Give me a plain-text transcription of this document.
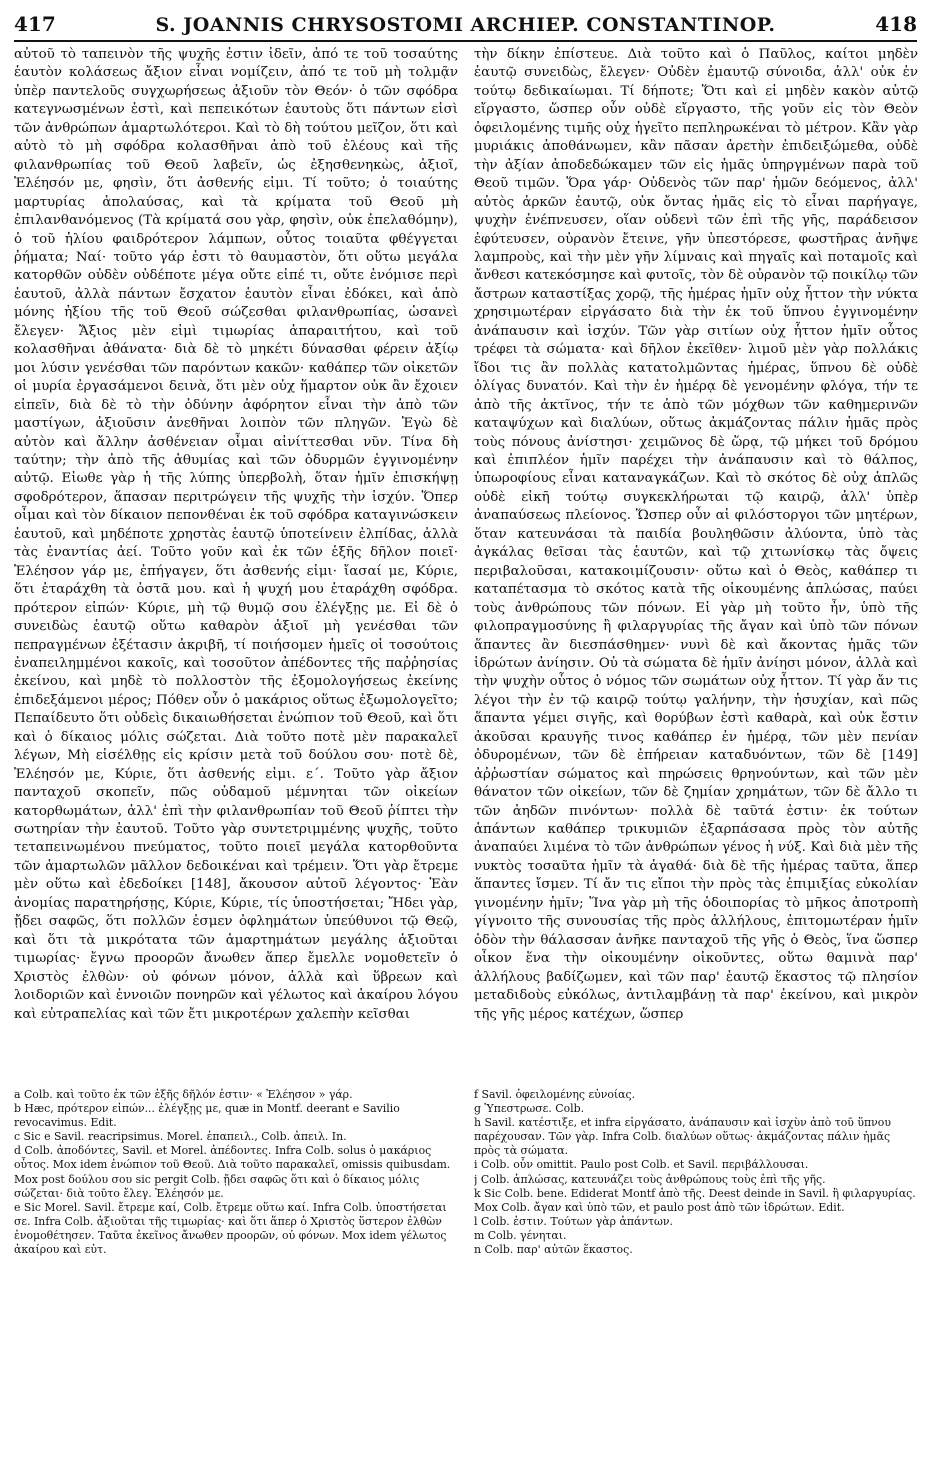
417	S. JOANNIS CHRYSOSTOMI ARCHIEP. CONSTANTINOP.	418

αὐτοῦ τὸ ταπεινὸν τῆς ψυχῆς ἐστιν ἰδεῖν, ἀπό τε τοῦ τοσαύτης ἑαυτὸν κολάσεως ἄξιον εἶναι νομίζειν, ἀπό τε τοῦ μὴ τολμᾷν ὑπὲρ παντελοῦς συγχωρήσεως ἀξιοῦν τὸν Θεόν· ὁ τῶν σφόδρα κατεγνωσμένων ἐστὶ, καὶ πεπεικότων ἑαυτοὺς ὅτι πάντων εἰσὶ τῶν ἀνθρώπων ἁμαρτωλότεροι. Καὶ τὸ δὴ τούτου μεῖζον, ὅτι καὶ αὐτὸ τὸ μὴ σφόδρα κολασθῆναι ἀπὸ τοῦ ἐλέους καὶ τῆς φιλανθρωπίας τοῦ Θεοῦ λαβεῖν, ὡς ἐξησθενηκὼς, ἀξιοῖ, Ἐλέησόν με, φησὶν, ὅτι ἀσθενής εἰμι. Τί τοῦτο; ὁ τοιαύτης μαρτυρίας ἀπολαύσας, καὶ τὰ κρίματα τοῦ Θεοῦ μὴ ἐπιλανθανόμενος (Τὰ κρίματά σου γὰρ, φησὶν, οὐκ ἐπελαθόμην), ὁ τοῦ ἡλίου φαιδρότερον λάμπων, οὗτος τοιαῦτα φθέγγεται ῥήματα; Ναί· τοῦτο γάρ ἐστι τὸ θαυμαστὸν, ὅτι οὕτω μεγάλα κατορθῶν οὐδὲν οὐδέποτε μέγα οὔτε εἰπέ τι, οὔτε ἐνόμισε περὶ ἑαυτοῦ, ἀλλὰ πάντων ἔσχατον ἑαυτὸν εἶναι ἐδόκει, καὶ ἀπὸ μόνης ἠξίου τῆς τοῦ Θεοῦ σώζεσθαι φιλανθρωπίας, ὡσανεὶ ἔλεγεν· Ἄξιος μὲν εἰμὶ τιμωρίας ἀπαραιτήτου, καὶ τοῦ κολασθῆναι ἀθάνατα· διὰ δὲ τὸ μηκέτι δύνασθαι φέρειν ἀξίῳ μοι λύσιν γενέσθαι τῶν παρόντων κακῶν· καθάπερ τῶν οἰκετῶν οἱ μυρία ἐργασάμενοι δεινὰ, ὅτι μὲν οὐχ ἥμαρτον οὐκ ἂν ἔχοιεν εἰπεῖν, διὰ δὲ τὸ τὴν ὀδύνην ἀφόρητον εἶναι τὴν ἀπὸ τῶν μαστίγων, ἀξιοῦσιν ἀνεθῆναι λοιπὸν τῶν πληγῶν. Ἐγὼ δὲ αὐτὸν καὶ ἄλλην ἀσθένειαν οἶμαι αἰνίττεσθαι νῦν. Τίνα δὴ ταύτην; τὴν ἀπὸ τῆς ἀθυμίας καὶ τῶν ὀδυρμῶν ἐγγινομένην αὐτῷ. Εἰωθε γὰρ ἡ τῆς λύπης ὑπερβολὴ, ὅταν ἡμῖν ἐπισκήψῃ σφοδρότερον, ἅπασαν περιτρώγειν τῆς ψυχῆς τὴν ἰσχύν. Ὅπερ οἶμαι καὶ τὸν δίκαιον πεπονθέναι ἐκ τοῦ σφόδρα καταγινώσκειν ἑαυτοῦ, καὶ μηδέποτε χρηστὰς ἑαυτῷ ὑποτείνειν ἐλπίδας, ἀλλὰ τὰς ἐναντίας ἀεί. Τοῦτο γοῦν καὶ ἐκ τῶν ἑξῆς δῆλον ποιεῖ· Ἐλέησον γάρ με, ἐπήγαγεν, ὅτι ἀσθενής εἰμι· ἴασαί με, Κύριε, ὅτι ἐταράχθη τὰ ὀστᾶ μου. καὶ ἡ ψυχή μου ἐταράχθη σφόδρα. πρότερον εἰπών· Κύριε, μὴ τῷ θυμῷ σου ἐλέγξῃς με. Εἰ δὲ ὁ συνειδὼς ἑαυτῷ οὕτω καθαρὸν ἀξιοῖ μὴ γενέσθαι τῶν πεπραγμένων ἐξέτασιν ἀκριβῆ, τί ποιήσομεν ἡμεῖς οἱ τοσούτοις ἐναπειλημμένοι κακοῖς, καὶ τοσοῦτον ἀπέδοντες τῆς παῤῥησίας ἐκείνου, καὶ μηδὲ τὸ πολλοστὸν τῆς ἐξομολογήσεως ἐκείνης ἐπιδεξάμενοι μέρος; Πόθεν οὖν ὁ μακάριος οὕτως ἐξωμολογεῖτο; Πεπαίδευτο ὅτι οὐδεὶς δικαιωθήσεται ἐνώπιον τοῦ Θεοῦ, καὶ ὅτι καὶ ὁ δίκαιος μόλις σώζεται. Διὰ τοῦτο ποτὲ μὲν παρακαλεῖ λέγων, Μὴ εἰσέλθῃς εἰς κρίσιν μετὰ τοῦ δούλου σου· ποτὲ δὲ, Ἐλέησόν με, Κύριε, ὅτι ἀσθενής εἰμι. ε΄. Τοῦτο γὰρ ἄξιον πανταχοῦ σκοπεῖν, πῶς οὐδαμοῦ μέμνηται τῶν οἰκείων κατορθωμάτων, ἀλλ' ἐπὶ τὴν φιλανθρωπίαν τοῦ Θεοῦ ῥίπτει τὴν σωτηρίαν τὴν ἑαυτοῦ. Τοῦτο γὰρ συντετριμμένης ψυχῆς, τοῦτο τεταπεινωμένου πνεύματος, τοῦτο ποιεῖ μεγάλα κατορθοῦντα τῶν ἁμαρτωλῶν μᾶλλον δεδοικέναι καὶ τρέμειν. Ὅτι γὰρ ἔτρεμε μὲν οὕτω καὶ ἐδεδοίκει [148], ἄκουσον αὐτοῦ λέγοντος· Ἐὰν ἀνομίας παρατηρήσῃς, Κύριε, Κύριε, τίς ὑποστήσεται; Ἤδει γὰρ, ᾔδει σαφῶς, ὅτι πολλῶν ἐσμεν ὀφλημάτων ὑπεύθυνοι τῷ Θεῷ, καὶ ὅτι τὰ μικρότατα τῶν ἁμαρτημάτων μεγάλης ἀξιοῦται τιμωρίας· ἔγνω προορῶν ἄνωθεν ἅπερ ἔμελλε νομοθετεῖν ὁ Χριστὸς ἐλθὼν· οὐ φόνων μόνον, ἀλλὰ καὶ ὕβρεων καὶ λοιδοριῶν καὶ ἐννοιῶν πονηρῶν καὶ γέλωτος καὶ ἀκαίρου λόγου καὶ εὐτραπελίας καὶ τῶν ἔτι μικροτέρων χαλεπὴν κεῖσθαι

τὴν δίκην ἐπίστευε. Διὰ τοῦτο καὶ ὁ Παῦλος, καίτοι μηδὲν ἑαυτῷ συνειδὼς, ἔλεγεν· Οὐδὲν ἐμαυτῷ σύνοιδα, ἀλλ' οὐκ ἐν τούτῳ δεδικαίωμαι. Τί δήποτε; Ὅτι καὶ εἰ μηδὲν κακὸν αὐτῷ εἴργαστο, ὥσπερ οὖν οὐδὲ εἴργαστο, τῆς γοῦν εἰς τὸν Θεὸν ὀφειλομένης τιμῆς οὐχ ἡγεῖτο πεπληρωκέναι τὸ μέτρον. Κἂν γὰρ μυριάκις ἀποθάνωμεν, κἂν πᾶσαν ἀρετὴν ἐπιδειξώμεθα, οὐδὲ τὴν ἀξίαν ἀποδεδώκαμεν τῶν εἰς ἡμᾶς ὑπηργμένων παρὰ τοῦ Θεοῦ τιμῶν. Ὅρα γάρ· Οὐδενὸς τῶν παρ' ἡμῶν δεόμενος, ἀλλ' αὐτὸς ἀρκῶν ἑαυτῷ, οὐκ ὄντας ἡμᾶς εἰς τὸ εἶναι παρήγαγε, ψυχὴν ἐνέπνευσεν, οἵαν οὐδενὶ τῶν ἐπὶ τῆς γῆς, παράδεισον ἐφύτευσεν, οὐρανὸν ἔτεινε, γῆν ὑπεστόρεσε, φωστῆρας ἀνῆψε λαμπροὺς, καὶ τὴν μὲν γῆν λίμναις καὶ πηγαῖς καὶ ποταμοῖς καὶ ἄνθεσι κατεκόσμησε καὶ φυτοῖς, τὸν δὲ οὐρανὸν τῷ ποικίλῳ τῶν ἄστρων καταστίξας χορῷ, τῆς ἡμέρας ἡμῖν οὐχ ἧττον τὴν νύκτα χρησιμωτέραν εἰργάσατο διὰ τὴν ἐκ τοῦ ὕπνου ἐγγινομένην ἀνάπαυσιν καὶ ἰσχύν. Τῶν γὰρ σιτίων οὐχ ἧττον ἡμῖν οὗτος τρέφει τὰ σώματα· καὶ δῆλον ἐκεῖθεν· λιμοῦ μὲν γὰρ πολλάκις ἴδοι τις ἂν πολλὰς κατατολμῶντας ἡμέρας, ὕπνου δὲ οὐδὲ ὀλίγας δυνατόν. Καὶ τὴν ἐν ἡμέρᾳ δὲ γενομένην φλόγα, τήν τε ἀπὸ τῆς ἀκτῖνος, τήν τε ἀπὸ τῶν μόχθων τῶν καθημερινῶν καταψύχων καὶ διαλύων, οὕτως ἀκμάζοντας πάλιν ἡμᾶς πρὸς τοὺς πόνους ἀνίστησι· χειμῶνος δὲ ὥρᾳ, τῷ μήκει τοῦ δρόμου καὶ ἐπιπλέον ἡμῖν παρέχει τὴν ἀνάπαυσιν καὶ τὸ θάλπος, ὑπωροφίους εἶναι καταναγκάζων. Καὶ τὸ σκότος δὲ οὐχ ἁπλῶς οὐδὲ εἰκῆ τούτῳ συγκεκλήρωται τῷ καιρῷ, ἀλλ' ὑπὲρ ἀναπαύσεως πλείονος. Ὥσπερ οὖν αἱ φιλόστοργοι τῶν μητέρων, ὅταν κατευνάσαι τὰ παιδία βουληθῶσιν ἀλύοντα, ὑπὸ τὰς ἀγκάλας θεῖσαι τὰς ἑαυτῶν, καὶ τῷ χιτωνίσκῳ τὰς ὄψεις περιβαλοῦσαι, κατακοιμίζουσιν· οὕτω καὶ ὁ Θεὸς, καθάπερ τι καταπέτασμα τὸ σκότος κατὰ τῆς οἰκουμένης ἁπλώσας, παύει τοὺς ἀνθρώπους τῶν πόνων. Εἰ γὰρ μὴ τοῦτο ἦν, ὑπὸ τῆς φιλοπραγμοσύνης ἢ φιλαργυρίας τῆς ἄγαν καὶ ὑπὸ τῶν πόνων ἅπαντες ἂν διεσπάσθημεν· νυνὶ δὲ καὶ ἄκοντας ἡμᾶς τῶν ἱδρώτων ἀνίησιν. Οὐ τὰ σώματα δὲ ἡμῖν ἀνίησι μόνον, ἀλλὰ καὶ τὴν ψυχὴν οὗτος ὁ νόμος τῶν σωμάτων οὐχ ἧττον. Τί γὰρ ἄν τις λέγοι τὴν ἐν τῷ καιρῷ τούτῳ γαλήνην, τὴν ἡσυχίαν, καὶ πῶς ἅπαντα γέμει σιγῆς, καὶ θορύβων ἐστὶ καθαρὰ, καὶ οὐκ ἔστιν ἀκοῦσαι κραυγῆς τινος καθάπερ ἐν ἡμέρᾳ, τῶν μὲν πενίαν ὀδυρομένων, τῶν δὲ ἐπήρειαν καταδυόντων, τῶν δὲ [149] ἀῤῥωστίαν σώματος καὶ πηρώσεις θρηνούντων, καὶ τῶν μὲν θάνατον τῶν οἰκείων, τῶν δὲ ζημίαν χρημάτων, τῶν δὲ ἄλλο τι τῶν ἀηδῶν πινόντων· πολλὰ δὲ ταῦτά ἐστιν· ἐκ τούτων ἁπάντων καθάπερ τρικυμιῶν ἐξαρπάσασα πρὸς τὸν αὐτῆς ἀναπαύει λιμένα τὸ τῶν ἀνθρώπων γένος ἡ νύξ. Καὶ διὰ μὲν τῆς νυκτὸς τοσαῦτα ἡμῖν τὰ ἀγαθά· διὰ δὲ τῆς ἡμέρας ταῦτα, ἅπερ ἅπαντες ἴσμεν. Τί ἄν τις εἴποι τὴν πρὸς τὰς ἐπιμιξίας εὐκολίαν γινομένην ἡμῖν; Ἵνα γὰρ μὴ τῆς ὁδοιπορίας τὸ μῆκος ἀποτροπὴ γίγνοιτο τῆς συνουσίας τῆς πρὸς ἀλλήλους, ἐπιτομωτέραν ἡμῖν ὁδὸν τὴν θάλασσαν ἀνῆκε πανταχοῦ τῆς γῆς ὁ Θεὸς, ἵνα ὥσπερ οἶκον ἕνα τὴν οἰκουμένην οἰκοῦντες, οὕτω θαμινὰ παρ' ἀλλήλους βαδίζωμεν, καὶ τῶν παρ' ἑαυτῷ ἕκαστος τῷ πλησίον μεταδιδοὺς εὐκόλως, ἀντιλαμβάνῃ τὰ παρ' ἐκείνου, καὶ μικρὸν τῆς γῆς μέρος κατέχων, ὥσπερ

a Colb. καὶ τοῦτο ἐκ τῶν ἑξῆς δῆλόν ἐστιν· « Ἐλέησον » γάρ.

b Hæc, πρότερον εἰπών... ἐλέγξῃς με, quæ in Montf. deerant e Savilio revocavimus. Edit.

c Sic e Savil. reacripsimus. Morel. ἐπαπειλ., Colb. ἀπειλ. In.

d Colb. ἀποδόντες, Savil. et Morel. ἀπέδοντες. Infra Colb. solus ὁ μακάριος οὗτος. Mox idem ἐνώπιον τοῦ Θεοῦ. Διὰ τοῦτο παρακαλεῖ, omissis quibusdam. Mox post δούλου σου sic pergit Colb. ᾔδει σαφῶς ὅτι καὶ ὁ δίκαιος μόλις σώζεται· διὰ τοῦτο ἔλεγ. Ἐλέησόν με.

e Sic Morel. Savil. ἔτρεμε καί, Colb. ἔτρεμε οὕτω καί. Infra Colb. ὑποστήσεται σε. Infra Colb. ἀξιοῦται τῆς τιμωρίας· καὶ ὅτι ἅπερ ὁ Χριστὸς ὕστερον ἐλθὼν ἐνομοθέτησεν. Ταῦτα ἐκεῖνος ἄνωθεν προορῶν, οὐ φόνων. Mox idem γέλωτος ἀκαίρου καὶ εὐτ.

f Savil. ὀφειλομένης εὐνοίας.

g Ὑπεστρωσε. Colb.

h Savil. κατέστιξε, et infra εἰργάσατο, ἀνάπαυσιν καὶ ἰσχὺν ἀπὸ τοῦ ὕπνου παρέχουσαν. Τῶν γὰρ. Infra Colb. διαλύων οὕτως· ἀκμάζοντας πάλιν ἡμᾶς πρὸς τὰ σώματα.

i Colb. οὖν omittit. Paulo post Colb. et Savil. περιβάλλουσαι.

j Colb. ἁπλώσας, κατευνάζει τοὺς ἀνθρώπους τοὺς ἐπὶ τῆς γῆς.

k Sic Colb. bene. Ediderat Montf ἀπὸ τῆς. Deest deinde in Savil. ἢ φιλαργυρίας. Mox Colb. ἄγαν καὶ ὑπὸ τῶν, et paulo post ἀπὸ τῶν ἱδρώτων. Edit.

l Colb. ἐστιν. Τούτων γὰρ ἁπάντων.

m Colb. γένηται.

n Colb. παρ' αὐτῶν ἕκαστος.
